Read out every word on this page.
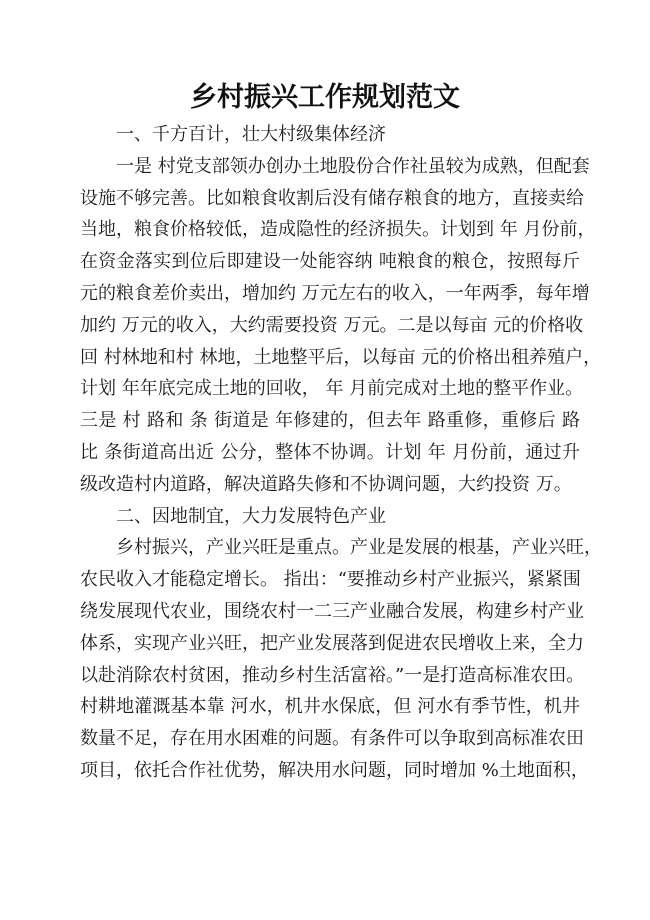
乡村振兴工作规划范文

一、千方百计，壮大村级集体经济

一是 村党支部领办创办土地股份合作社虽较为成熟，但配套
设施不够完善。比如粮食收割后没有储存粮食的地方，直接卖给
当地，粮食价格较低，造成隐性的经济损失。计划到 年 月份前，
在资金落实到位后即建设一处能容纳 吨粮食的粮仓，按照每斤
元的粮食差价卖出，增加约 万元左右的收入，一年两季，每年增
加约 万元的收入，大约需要投资 万元。二是以每亩 元的价格收
回 村林地和村 林地，土地整平后，以每亩 元的价格出租养殖户，
计划 年年底完成土地的回收， 年 月前完成对土地的整平作业。
三是 村 路和 条 街道是 年修建的，但去年 路重修，重修后 路
比 条街道高出近 公分，整体不协调。计划 年 月份前，通过升
级改造村内道路，解决道路失修和不协调问题，大约投资 万。

二、因地制宜，大力发展特色产业

乡村振兴，产业兴旺是重点。产业是发展的根基，产业兴旺，
农民收入才能稳定增长。 指出：“要推动乡村产业振兴，紧紧围
绕发展现代农业，围绕农村一二三产业融合发展，构建乡村产业
体系，实现产业兴旺，把产业发展落到促进农民增收上来，全力
以赴消除农村贫困，推动乡村生活富裕。”一是打造高标准农田。
村耕地灌溉基本靠 河水，机井水保底，但 河水有季节性，机井
数量不足，存在用水困难的问题。有条件可以争取到高标准农田
项目，依托合作社优势，解决用水问题，同时增加 %土地面积，
